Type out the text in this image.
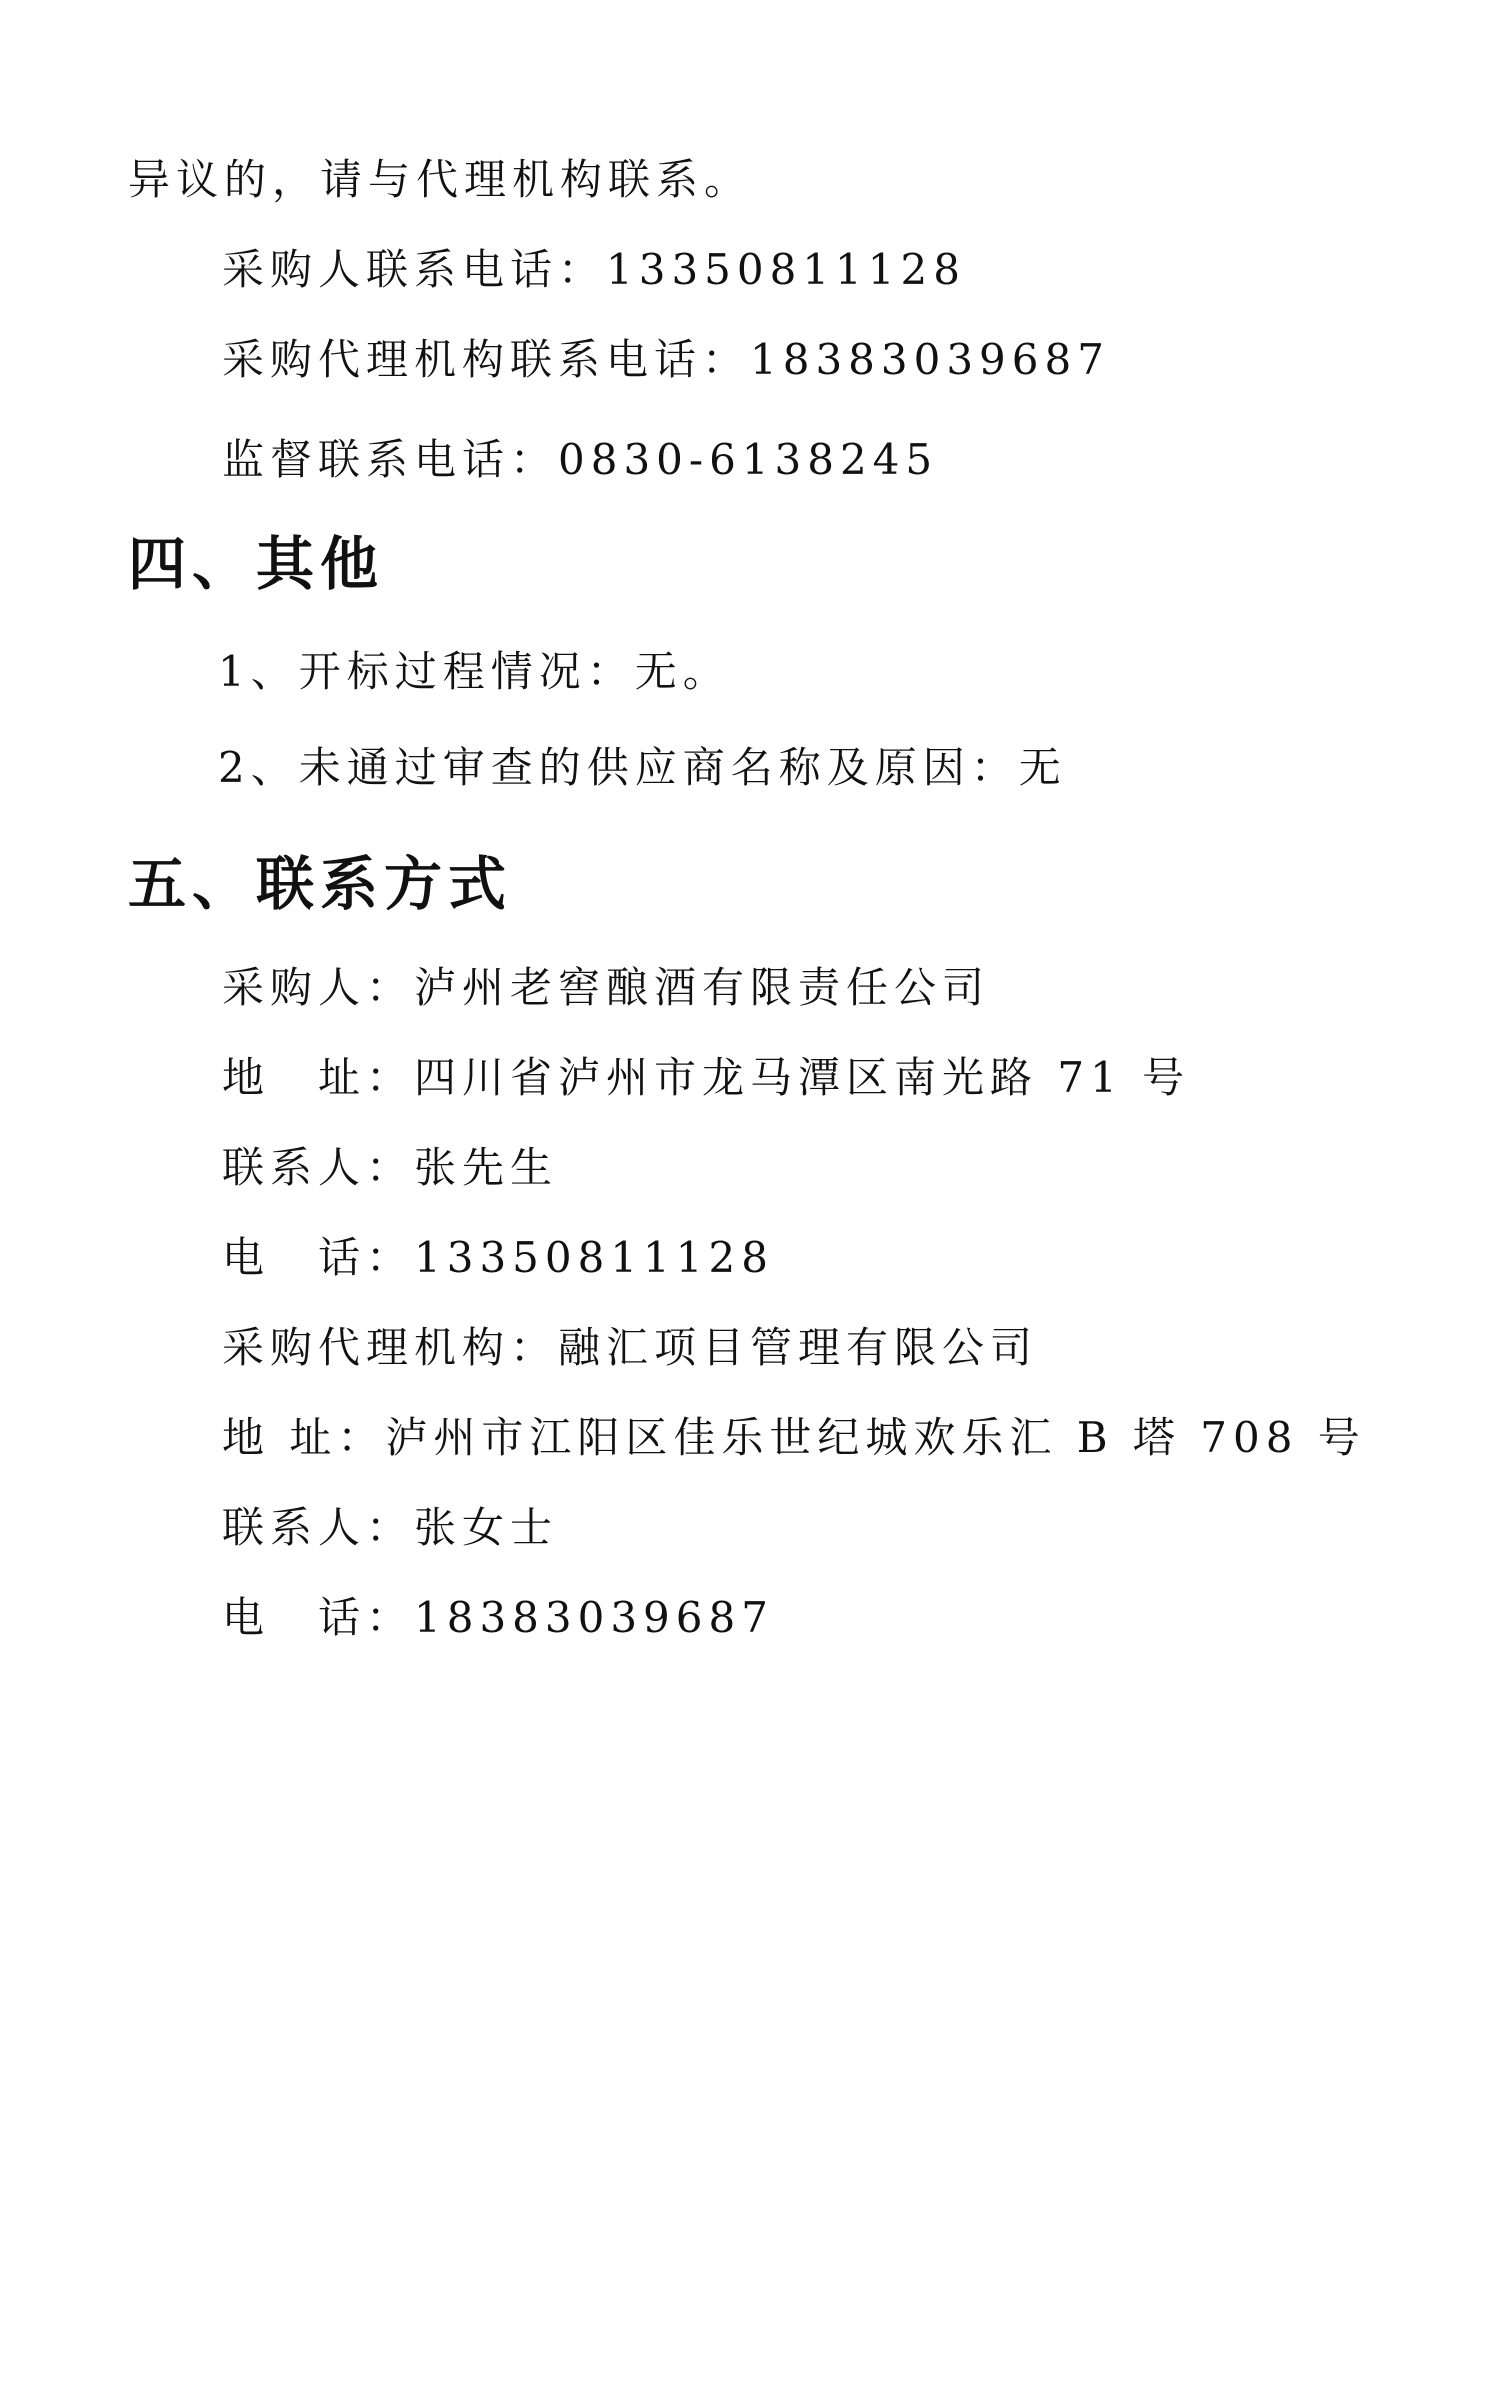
异议的，请与代理机构联系。
采购人联系电话：13350811128
采购代理机构联系电话：18383039687
监督联系电话：0830-6138245
四、其他
1、开标过程情况：无。
2、未通过审查的供应商名称及原因：无
五、联系方式
采购人：泸州老窖酿酒有限责任公司
地　址：四川省泸州市龙马潭区南光路 71 号
联系人：张先生
电　话：13350811128
采购代理机构：融汇项目管理有限公司
地 址：泸州市江阳区佳乐世纪城欢乐汇 B 塔 708 号
联系人：张女士
电　话：18383039687
